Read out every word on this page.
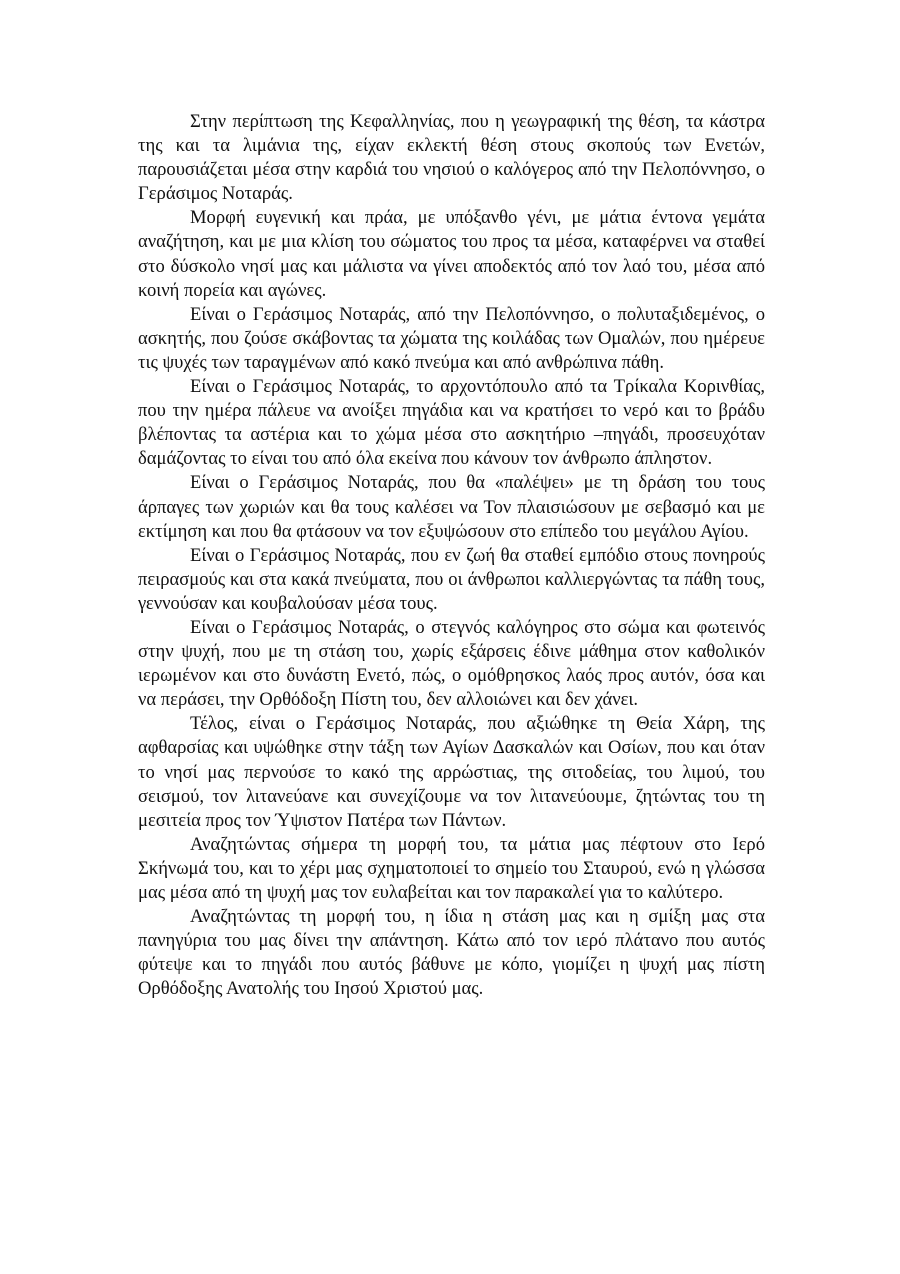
Στην περίπτωση της Κεφαλληνίας, που η γεωγραφική της θέση, τα κάστρα της και τα λιμάνια της, είχαν εκλεκτή θέση στους σκοπούς των Ενετών, παρουσιάζεται μέσα στην καρδιά του νησιού ο καλόγερος από την Πελοπόννησο, ο Γεράσιμος Νοταράς.

Μορφή ευγενική και πράα, με υπόξανθο γένι, με μάτια έντονα γεμάτα αναζήτηση, και με μια κλίση του σώματος του προς τα μέσα, καταφέρνει να σταθεί στο δύσκολο νησί μας και μάλιστα να γίνει αποδεκτός από τον λαό του, μέσα από κοινή πορεία και αγώνες.

Είναι ο Γεράσιμος Νοταράς, από την Πελοπόννησο, ο πολυταξιδεμένος, ο ασκητής, που ζούσε σκάβοντας τα χώματα της κοιλάδας των Ομαλών, που ημέρευε τις ψυχές των ταραγμένων από κακό πνεύμα και από ανθρώπινα πάθη.

Είναι ο Γεράσιμος Νοταράς, το αρχοντόπουλο από τα Τρίκαλα Κορινθίας, που την ημέρα πάλευε να ανοίξει πηγάδια και να κρατήσει το νερό και το βράδυ βλέποντας τα αστέρια και το χώμα μέσα στο ασκητήριο –πηγάδι, προσευχόταν δαμάζοντας το είναι του από όλα εκείνα που κάνουν τον άνθρωπο άπληστον.

Είναι ο Γεράσιμος Νοταράς, που θα «παλέψει» με τη δράση του τους άρπαγες των χωριών και θα τους καλέσει να Τον πλαισιώσουν με σεβασμό και με εκτίμηση και που θα φτάσουν να τον εξυψώσουν στο επίπεδο του μεγάλου Αγίου.

Είναι ο Γεράσιμος Νοταράς, που εν ζωή θα σταθεί εμπόδιο στους πονηρούς πειρασμούς και στα κακά πνεύματα, που οι άνθρωποι καλλιεργώντας τα πάθη τους, γεννούσαν και κουβαλούσαν μέσα τους.

Είναι ο Γεράσιμος Νοταράς, ο στεγνός καλόγηρος στο σώμα και φωτεινός στην ψυχή, που με τη στάση του, χωρίς εξάρσεις έδινε μάθημα στον καθολικόν ιερωμένον και στο δυνάστη Ενετό, πώς, ο ομόθρησκος λαός προς αυτόν, όσα και να περάσει, την Ορθόδοξη Πίστη του, δεν αλλοιώνει και δεν χάνει.

Τέλος, είναι ο Γεράσιμος Νοταράς, που αξιώθηκε τη Θεία Χάρη, της αφθαρσίας και υψώθηκε στην τάξη των Αγίων Δασκαλών και Οσίων, που και όταν το νησί μας περνούσε το κακό της αρρώστιας, της σιτοδείας, του λιμού, του σεισμού, τον λιτανεύανε και συνεχίζουμε να τον λιτανεύουμε, ζητώντας του τη μεσιτεία προς τον Ύψιστον Πατέρα των Πάντων.

Αναζητώντας σήμερα τη μορφή του, τα μάτια μας πέφτουν στο Ιερό Σκήνωμά του, και το χέρι μας σχηματοποιεί το σημείο του Σταυρού, ενώ η γλώσσα μας μέσα από τη ψυχή μας τον ευλαβείται και τον παρακαλεί για το καλύτερο.

Αναζητώντας τη μορφή του, η ίδια η στάση μας και η σμίξη μας στα πανηγύρια του μας δίνει την απάντηση. Κάτω από τον ιερό πλάτανο που αυτός φύτεψε και το πηγάδι που αυτός βάθυνε με κόπο, γιομίζει η ψυχή μας πίστη Ορθόδοξης Ανατολής του Ιησού Χριστού μας.
